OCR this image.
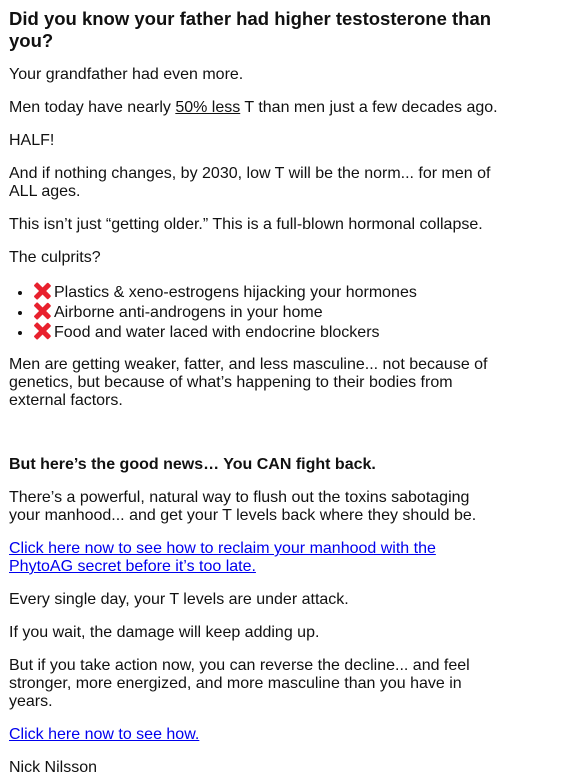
Did you know your father had higher testosterone than you?

Your grandfather had even more.

Men today have nearly 50% less T than men just a few decades ago.

HALF!

And if nothing changes, by 2030, low T will be the norm... for men of ALL ages.

This isn’t just “getting older.” This is a full-blown hormonal collapse.

The culprits?

• Plastics & xeno-estrogens hijacking your hormones
• Airborne anti-androgens in your home
• Food and water laced with endocrine blockers

Men are getting weaker, fatter, and less masculine... not because of genetics, but because of what’s happening to their bodies from external factors.

But here’s the good news… You CAN fight back.

There’s a powerful, natural way to flush out the toxins sabotaging your manhood... and get your T levels back where they should be.

Click here now to see how to reclaim your manhood with the PhytoAG secret before it’s too late.

Every single day, your T levels are under attack.

If you wait, the damage will keep adding up.

But if you take action now, you can reverse the decline... and feel stronger, more energized, and more masculine than you have in years.

Click here now to see how.

Nick Nilsson
